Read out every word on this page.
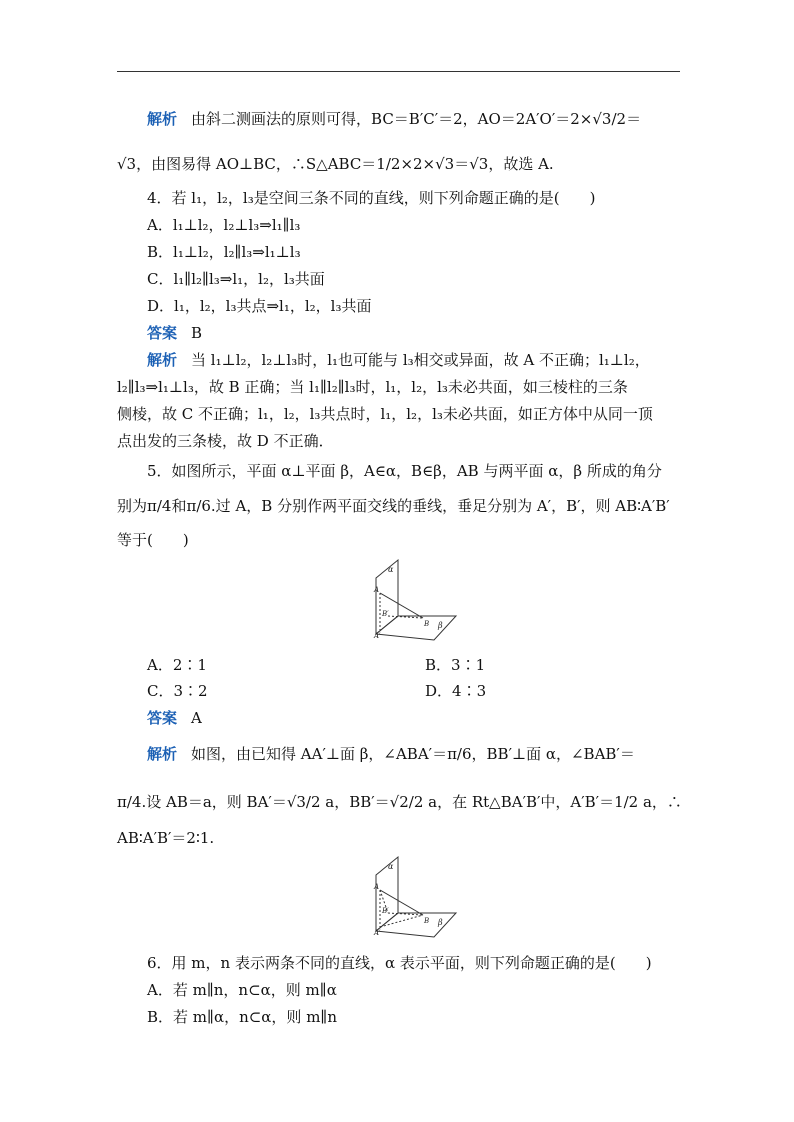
解析 由斜二测画法的原则可得，BC＝B′C′＝2，AO＝2A′O′＝2×√3/2＝
√3，由图易得 AO⊥BC，∴S△ABC＝1/2×2×√3＝√3，故选 A.
4．若 l₁，l₂，l₃是空间三条不同的直线，则下列命题正确的是(　　)
A．l₁⊥l₂，l₂⊥l₃⇒l₁∥l₃
B．l₁⊥l₂，l₂∥l₃⇒l₁⊥l₃
C．l₁∥l₂∥l₃⇒l₁，l₂，l₃共面
D．l₁，l₂，l₃共点⇒l₁，l₂，l₃共面
答案 B
解析 当 l₁⊥l₂，l₂⊥l₃时，l₁也可能与 l₃相交或异面，故 A 不正确；l₁⊥l₂，
l₂∥l₃⇒l₁⊥l₃，故 B 正确；当 l₁∥l₂∥l₃时，l₁，l₂，l₃未必共面，如三棱柱的三条
侧棱，故 C 不正确；l₁，l₂，l₃共点时，l₁，l₂，l₃未必共面，如正方体中从同一顶
点出发的三条棱，故 D 不正确．
5．如图所示，平面 α⊥平面 β，A∈α，B∈β，AB 与两平面 α，β 所成的角分
别为π/4和π/6.过 A，B 分别作两平面交线的垂线，垂足分别为 A′，B′，则 AB∶A′B′
等于(　　)
α
β
A
B
B′
A′
A．2∶1	B．3∶1
C．3∶2	D．4∶3
答案 A
解析 如图，由已知得 AA′⊥面 β，∠ABA′＝π/6，BB′⊥面 α，∠BAB′＝
π/4.设 AB＝a，则 BA′＝√3/2 a，BB′＝√2/2 a，在 Rt△BA′B′中，A′B′＝1/2 a，∴
AB∶A′B′＝2∶1.
α
β
A
B
B′
A′
6．用 m，n 表示两条不同的直线，α 表示平面，则下列命题正确的是(　　)
A．若 m∥n，n⊂α，则 m∥α
B．若 m∥α，n⊂α，则 m∥n
